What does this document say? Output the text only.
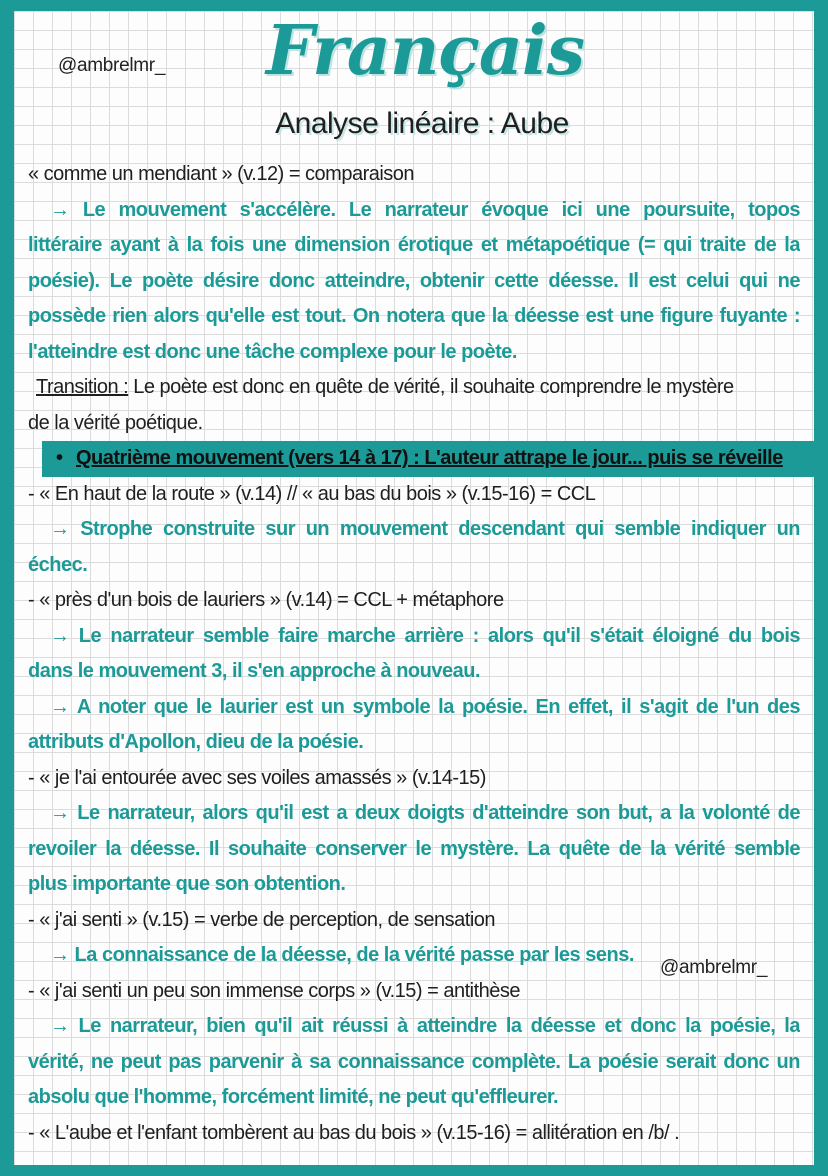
@ambrelmr_ Français
Analyse linéaire : Aube
« comme un mendiant » (v.12) = comparaison
→ Le mouvement s'accélère. Le narrateur évoque ici une poursuite, topos
littéraire ayant à la fois une dimension érotique et métapoétique (= qui traite de la
poésie). Le poète désire donc atteindre, obtenir cette déesse. Il est celui qui ne
possède rien alors qu'elle est tout. On notera que la déesse est une figure fuyante :
l'atteindre est donc une tâche complexe pour le poète.
Transition : Le poète est donc en quête de vérité, il souhaite comprendre le mystère
de la vérité poétique.
• Quatrième mouvement (vers 14 à 17) : L'auteur attrape le jour... puis se réveille
- « En haut de la route » (v.14) // « au bas du bois » (v.15-16) = CCL
→ Strophe construite sur un mouvement descendant qui semble indiquer un
échec.
- « près d'un bois de lauriers » (v.14) = CCL + métaphore
→ Le narrateur semble faire marche arrière : alors qu'il s'était éloigné du bois
dans le mouvement 3, il s'en approche à nouveau.
→ A noter que le laurier est un symbole la poésie. En effet, il s'agit de l'un des
attributs d'Apollon, dieu de la poésie.
- « je l'ai entourée avec ses voiles amassés » (v.14-15)
→ Le narrateur, alors qu'il est a deux doigts d'atteindre son but, a la volonté de
revoiler la déesse. Il souhaite conserver le mystère. La quête de la vérité semble
plus importante que son obtention.
- « j'ai senti » (v.15) = verbe de perception, de sensation
→ La connaissance de la déesse, de la vérité passe par les sens.
- « j'ai senti un peu son immense corps » (v.15) = antithèse
→ Le narrateur, bien qu'il ait réussi à atteindre la déesse et donc la poésie, la
vérité, ne peut pas parvenir à sa connaissance complète. La poésie serait donc un
absolu que l'homme, forcément limité, ne peut qu'effleurer.
- « L'aube et l'enfant tombèrent au bas du bois » (v.15-16) = allitération en /b/ .
@ambrelmr_
